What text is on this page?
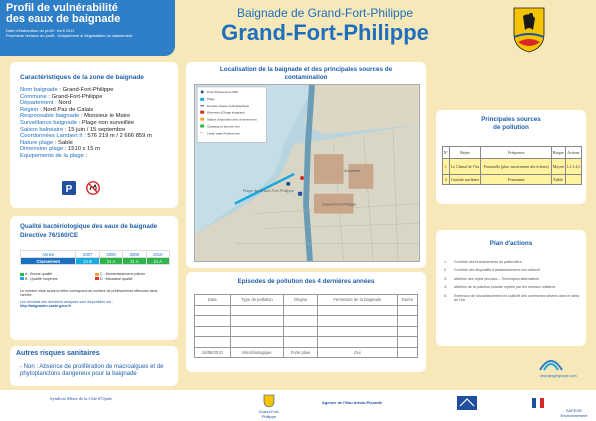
Profil de vulnérabilité
des eaux de baignade
Date d'élaboration du profil : Avril 2011
Prochaine révision du profil : Uniquement si dégradation du classement
Baignade de Grand-Fort-Philippe
Grand-Fort-Philippe
Caractéristiques de la zone de baignade
Nom baignade : Grand-Fort-Philippe
Commune : Grand-Fort-Philippe
Département : Nord
Région : Nord Pas de Calais
Responsable baignade : Monsieur le Maire
Surveillance baignade : Plage non surveillée
Saison balnéaire : 15 juin / 15 septembre
Coordonnées Lambert II : 576 219 m / 2 666 859 m
Nature plage : Sable
Dimension plage : 1510 x 15 m
Equipements de la plage :
P
Qualité bactériologique des eaux de baignade
Directive 76/160/CE
Année	2007	2008	2009	2010
Classement	21 B	21 A	21 A	21 A
A : Bonne qualité	C : Momentanément polluée
B : Qualité moyenne	D : Mauvaise qualité
Le nombre situé avant la lettre correspond au nombre de prélèvements effectués dans l'année.
Les résultats des dernières analyses sont disponibles sur :
http://baignades.sante.gouv.fr
Autres risques sanitaires
- Non : Absence de prolifération de macroalgues et de phytoplanctons dangereux pour la baignade
Localisation de la baignade et des principales sources de
contamination
Point Prélèvement ARS
Plage
Exutoire réseau hydrographique
Déversoir d'Orage Impactant
Station d'épuration avec déversement
Camping en bord de mer
Limite vigile Prélèvement
Plage de Grand-Fort-Philippe
Grand-Fort-Philippe
Gravelines
Episodes de pollution des 4 dernières années
Date	Type de pollution	Origine	Fermeture de la baignade	Durée

16/08/2010	Microbiologique	Forte pluie	Oui	
Principales sources
de pollution
N°	Rejets	Fréquence	Risque	Actions
1	Le Chenal de l'Aa	Ponctuelle (plue, mouvement des écluses)	Moyen	1,2 3 4,5
2	Centrale nucléaire	Permanent	Faible	
Plan d'actions
1.	Contrôle des branchements de particuliers
2.	Contrôle des dispositifs d'assainissement non collectif
3.	Maîtrise des rejets pluviaux – Techniques alternatives
4.	Maîtrise de la pollution pluviale rejetée par les réseaux unitaires
5.	Extension de l'assainissement en collectif des communes situées dans le delta de l'Aa
www.gingergroupe.com
Syndicat Mixte de la Côte d'Opale
Grand-Fort-Philippe
Agence de l'Eau Artois-Picardie
SAFEGE Environnement
